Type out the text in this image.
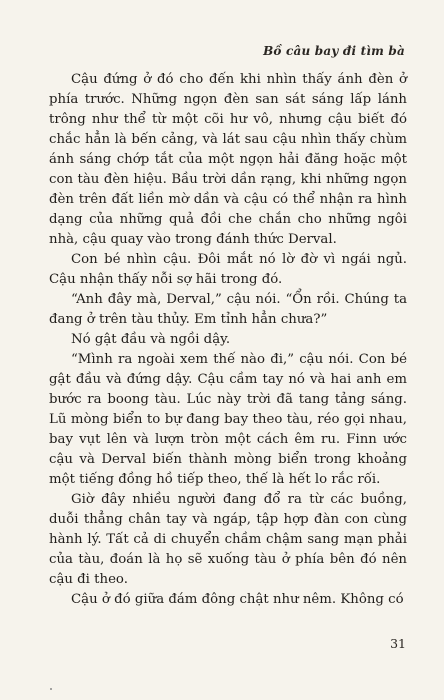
Bồ câu bay đi tìm bà

Cậu đứng ở đó cho đến khi nhìn thấy ánh đèn ở phía trước. Những ngọn đèn san sát sáng lấp lánh trông như thể từ một cõi hư vô, nhưng cậu biết đó chắc hẳn là bến cảng, và lát sau cậu nhìn thấy chùm ánh sáng chớp tắt của một ngọn hải đăng hoặc một con tàu đèn hiệu. Bầu trời dần rạng, khi những ngọn đèn trên đất liền mờ dần và cậu có thể nhận ra hình dạng của những quả đồi che chắn cho những ngôi nhà, cậu quay vào trong đánh thức Derval.

Con bé nhìn cậu. Đôi mắt nó lờ đờ vì ngái ngủ. Cậu nhận thấy nỗi sợ hãi trong đó.

“Anh đây mà, Derval,” cậu nói. “Ổn rồi. Chúng ta đang ở trên tàu thủy. Em tỉnh hẳn chưa?”

Nó gật đầu và ngồi dậy.

“Mình ra ngoài xem thế nào đi,” cậu nói. Con bé gật đầu và đứng dậy. Cậu cầm tay nó và hai anh em bước ra boong tàu. Lúc này trời đã tang tảng sáng. Lũ mòng biển to bự đang bay theo tàu, réo gọi nhau, bay vụt lên và lượn tròn một cách êm ru. Finn ước cậu và Derval biến thành mòng biển trong khoảng một tiếng đồng hồ tiếp theo, thế là hết lo rắc rối.

Giờ đây nhiều người đang đổ ra từ các buồng, duỗi thẳng chân tay và ngáp, tập hợp đàn con cùng hành lý. Tất cả di chuyển chầm chậm sang mạn phải của tàu, đoán là họ sẽ xuống tàu ở phía bên đó nên cậu đi theo.

Cậu ở đó giữa đám đông chật như nêm. Không có

31
